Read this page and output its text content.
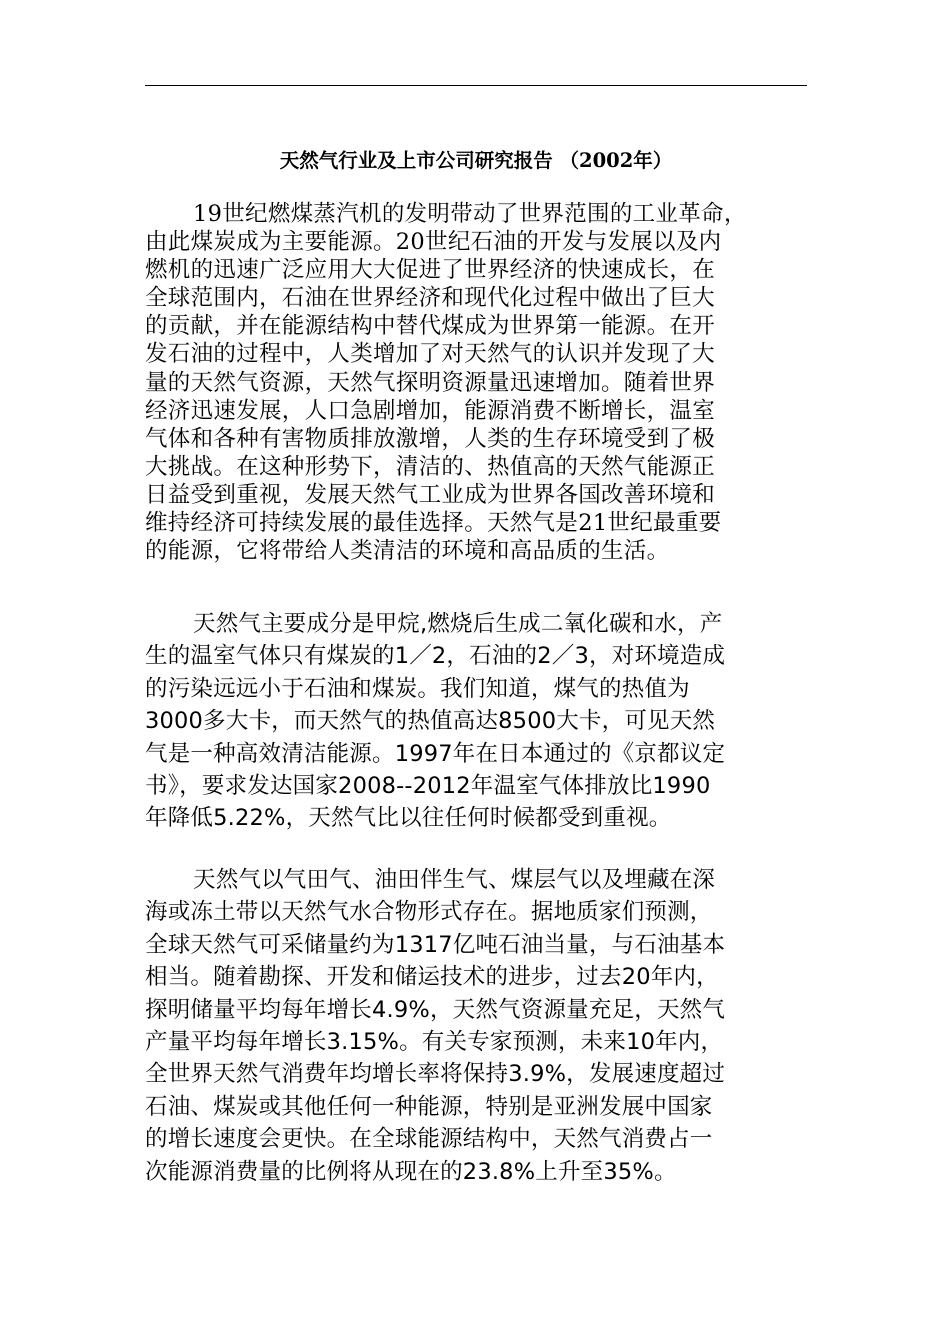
天然气行业及上市公司研究报告 （2002年）

19世纪燃煤蒸汽机的发明带动了世界范围的工业革命，
由此煤炭成为主要能源。20世纪石油的开发与发展以及内
燃机的迅速广泛应用大大促进了世界经济的快速成长，在
全球范围内，石油在世界经济和现代化过程中做出了巨大
的贡献，并在能源结构中替代煤成为世界第一能源。在开
发石油的过程中，人类增加了对天然气的认识并发现了大
量的天然气资源，天然气探明资源量迅速增加。随着世界
经济迅速发展，人口急剧增加，能源消费不断增长，温室
气体和各种有害物质排放激增，人类的生存环境受到了极
大挑战。在这种形势下，清洁的、热值高的天然气能源正
日益受到重视，发展天然气工业成为世界各国改善环境和
维持经济可持续发展的最佳选择。天然气是21世纪最重要
的能源，它将带给人类清洁的环境和高品质的生活。

天然气主要成分是甲烷,燃烧后生成二氧化碳和水，产
生的温室气体只有煤炭的1／2，石油的2／3，对环境造成
的污染远远小于石油和煤炭。我们知道，煤气的热值为
3000多大卡，而天然气的热值高达8500大卡，可见天然
气是一种高效清洁能源。1997年在日本通过的《京都议定
书》，要求发达国家2008--2012年温室气体排放比1990
年降低5.22%，天然气比以往任何时候都受到重视。

天然气以气田气、油田伴生气、煤层气以及埋藏在深
海或冻土带以天然气水合物形式存在。据地质家们预测，
全球天然气可采储量约为1317亿吨石油当量，与石油基本
相当。随着勘探、开发和储运技术的进步，过去20年内，
探明储量平均每年增长4.9%，天然气资源量充足，天然气
产量平均每年增长3.15%。有关专家预测，未来10年内，
全世界天然气消费年均增长率将保持3.9%，发展速度超过
石油、煤炭或其他任何一种能源，特别是亚洲发展中国家
的增长速度会更快。在全球能源结构中，天然气消费占一
次能源消费量的比例将从现在的23.8%上升至35%。
